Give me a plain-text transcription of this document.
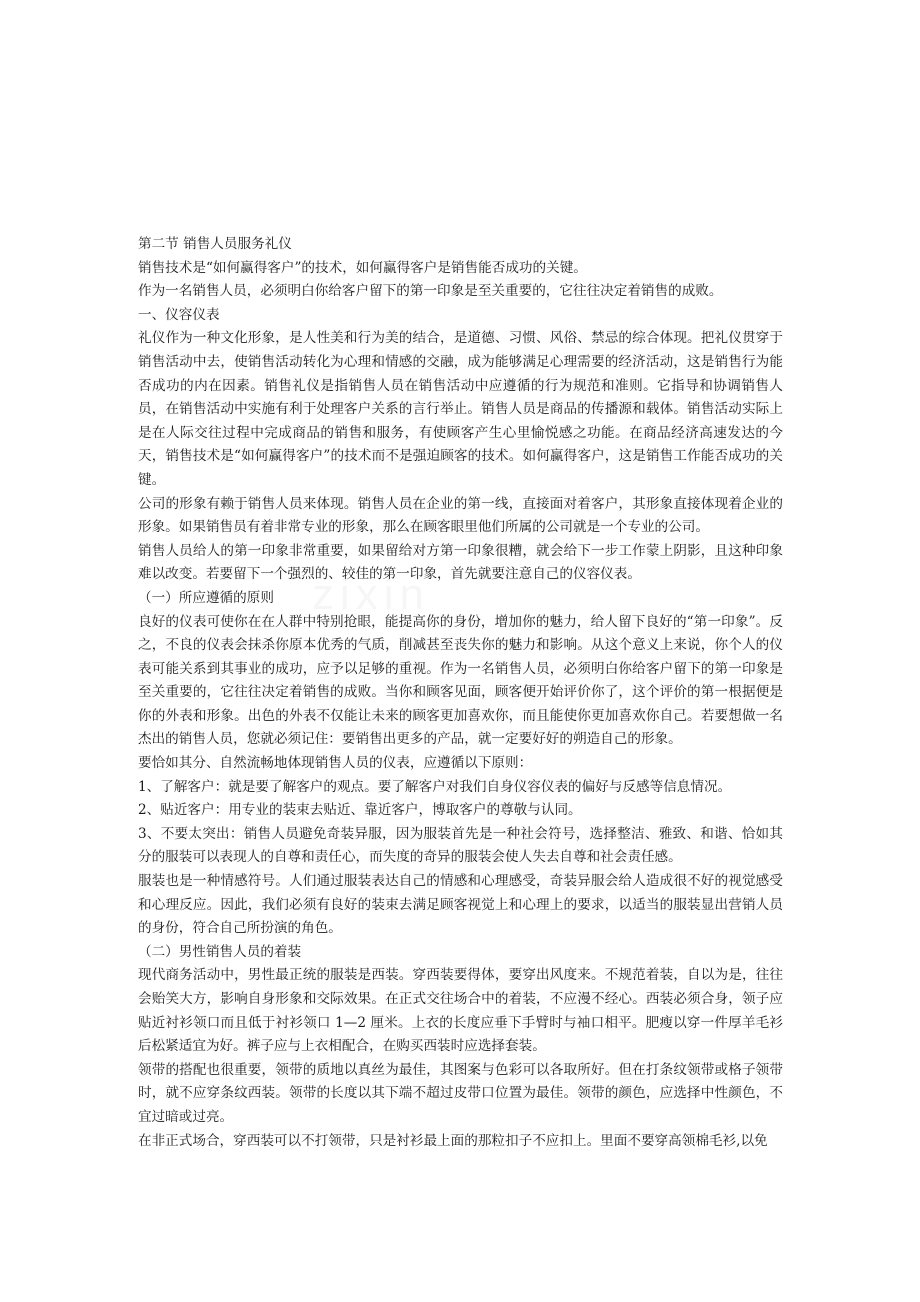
第二节 销售人员服务礼仪

销售技术是“如何赢得客户”的技术，如何赢得客户是销售能否成功的关键。

作为一名销售人员，必须明白你给客户留下的第一印象是至关重要的，它往往决定着销售的成败。

一、仪容仪表

礼仪作为一种文化形象，是人性美和行为美的结合，是道德、习惯、风俗、禁忌的综合体现。把礼仪贯穿于销售活动中去，使销售活动转化为心理和情感的交融，成为能够满足心理需要的经济活动，这是销售行为能否成功的内在因素。销售礼仪是指销售人员在销售活动中应遵循的行为规范和准则。它指导和协调销售人员，在销售活动中实施有利于处理客户关系的言行举止。销售人员是商品的传播源和载体。销售活动实际上是在人际交往过程中完成商品的销售和服务，有使顾客产生心里愉悦感之功能。在商品经济高速发达的今天，销售技术是“如何赢得客户”的技术而不是强迫顾客的技术。如何赢得客户，这是销售工作能否成功的关键。

公司的形象有赖于销售人员来体现。销售人员在企业的第一线，直接面对着客户，其形象直接体现着企业的形象。如果销售员有着非常专业的形象，那么在顾客眼里他们所属的公司就是一个专业的公司。

销售人员给人的第一印象非常重要，如果留给对方第一印象很糟，就会给下一步工作蒙上阴影，且这种印象难以改变。若要留下一个强烈的、较佳的第一印象，首先就要注意自己的仪容仪表。

（一）所应遵循的原则

良好的仪表可使你在在人群中特别抢眼，能提高你的身份，增加你的魅力，给人留下良好的“第一印象”。反之，不良的仪表会抹杀你原本优秀的气质，削减甚至丧失你的魅力和影响。从这个意义上来说，你个人的仪表可能关系到其事业的成功，应予以足够的重视。作为一名销售人员，必须明白你给客户留下的第一印象是至关重要的，它往往决定着销售的成败。当你和顾客见面，顾客便开始评价你了，这个评价的第一根据便是你的外表和形象。出色的外表不仅能让未来的顾客更加喜欢你，而且能使你更加喜欢你自己。若要想做一名杰出的销售人员，您就必须记住：要销售出更多的产品，就一定要好好的朔造自己的形象。

要恰如其分、自然流畅地体现销售人员的仪表，应遵循以下原则：

1、了解客户：就是要了解客户的观点。要了解客户对我们自身仪容仪表的偏好与反感等信息情况。

2、贴近客户：用专业的装束去贴近、靠近客户，博取客户的尊敬与认同。

3、不要太突出：销售人员避免奇装异服，因为服装首先是一种社会符号，选择整洁、雅致、和谐、恰如其分的服装可以表现人的自尊和责任心，而失度的奇异的服装会使人失去自尊和社会责任感。

服装也是一种情感符号。人们通过服装表达自己的情感和心理感受，奇装异服会给人造成很不好的视觉感受和心理反应。因此，我们必须有良好的装束去满足顾客视觉上和心理上的要求，以适当的服装显出营销人员的身份，符合自己所扮演的角色。

（二）男性销售人员的着装

现代商务活动中，男性最正统的服装是西装。穿西装要得体，要穿出风度来。不规范着装，自以为是，往往会贻笑大方，影响自身形象和交际效果。在正式交往场合中的着装，不应漫不经心。西装必须合身，领子应贴近衬衫领口而且低于衬衫领口 1—2 厘米。上衣的长度应垂下手臂时与袖口相平。肥瘦以穿一件厚羊毛衫后松紧适宜为好。裤子应与上衣相配合，在购买西装时应选择套装。

领带的搭配也很重要，领带的质地以真丝为最佳，其图案与色彩可以各取所好。但在打条纹领带或格子领带时，就不应穿条纹西装。领带的长度以其下端不超过皮带口位置为最佳。领带的颜色，应选择中性颜色，不宜过暗或过亮。

在非正式场合，穿西装可以不打领带，只是衬衫最上面的那粒扣子不应扣上。里面不要穿高领棉毛衫,以免
